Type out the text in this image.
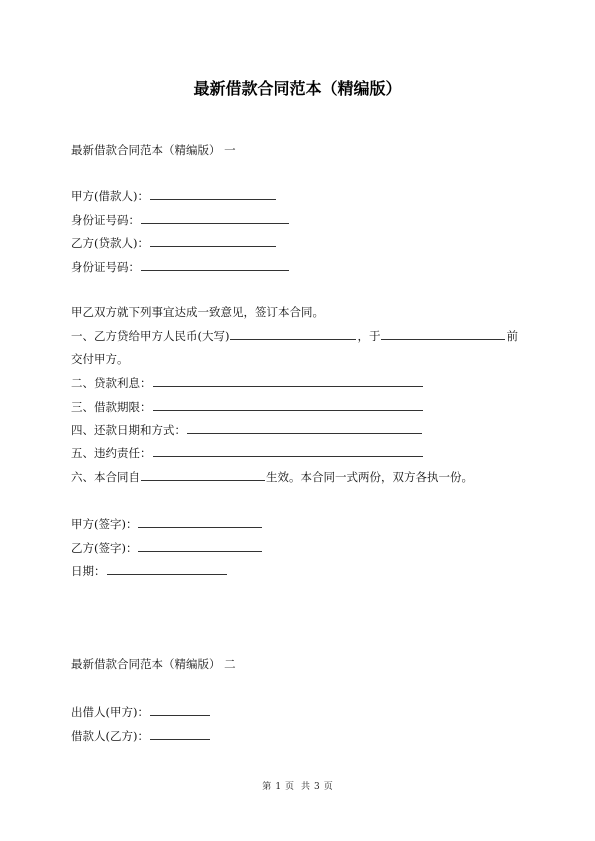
最新借款合同范本（精编版）
最新借款合同范本（精编版） 一
甲方(借款人)：
身份证号码：
乙方(贷款人)：
身份证号码：
甲乙双方就下列事宜达成一致意见，签订本合同。
一、乙方贷给甲方人民币(大写)	，于	前
交付甲方。
二、贷款利息：
三、借款期限：
四、还款日期和方式：
五、违约责任：
六、本合同自	生效。本合同一式两份，双方各执一份。
甲方(签字)：
乙方(签字)：
日期：
最新借款合同范本（精编版） 二
出借人(甲方)：
借款人(乙方)：
第 1 页 共 3 页
